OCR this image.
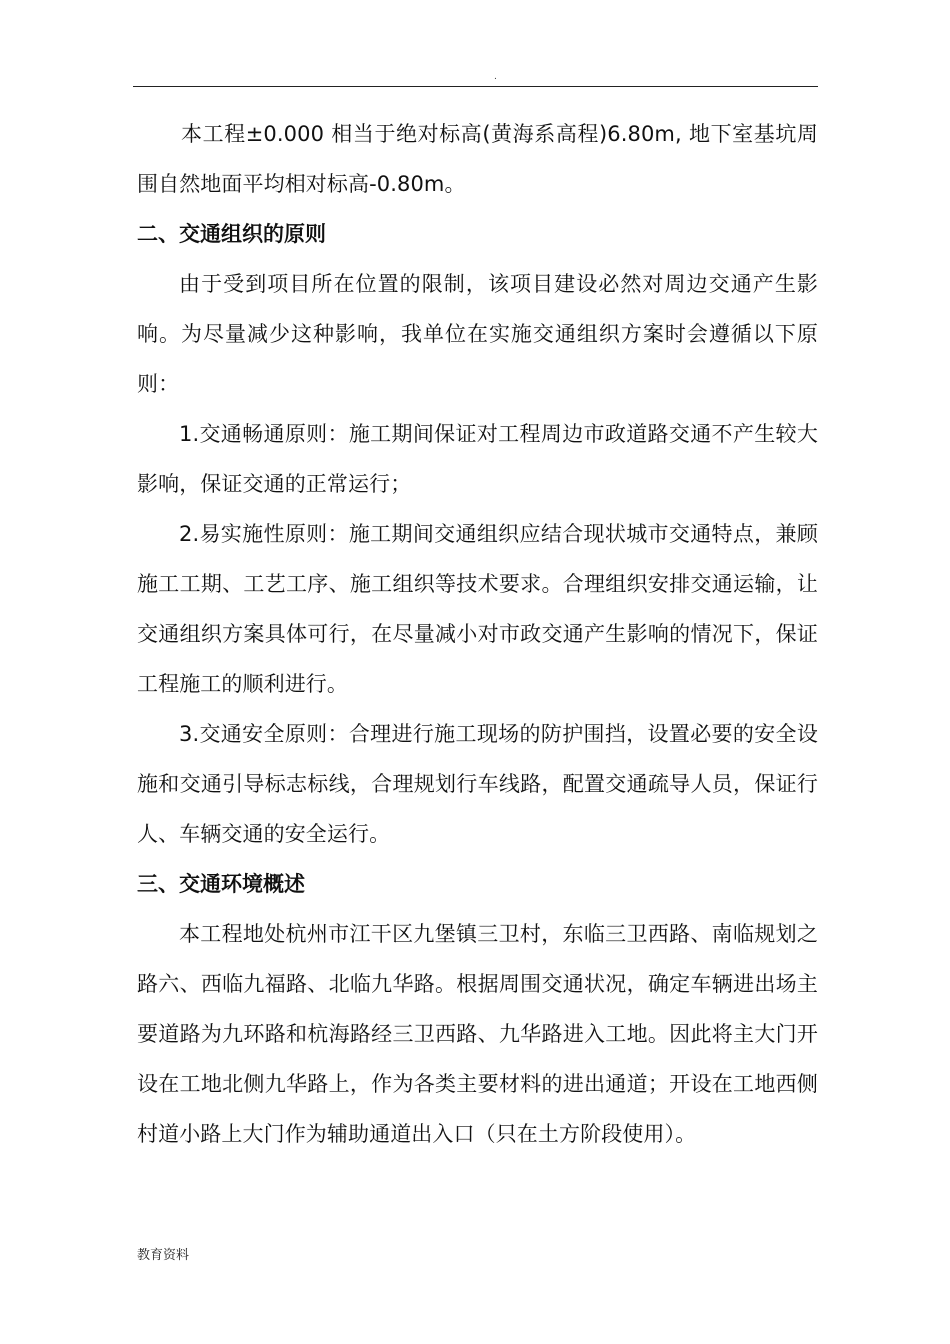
.

本工程±0.000 相当于绝对标高(黄海系高程)6.80m, 地下室基坑周围自然地面平均相对标高-0.80m。

二、交通组织的原则

由于受到项目所在位置的限制，该项目建设必然对周边交通产生影响。为尽量减少这种影响，我单位在实施交通组织方案时会遵循以下原则：

1.交通畅通原则：施工期间保证对工程周边市政道路交通不产生较大影响，保证交通的正常运行；

2.易实施性原则：施工期间交通组织应结合现状城市交通特点，兼顾施工工期、工艺工序、施工组织等技术要求。合理组织安排交通运输，让交通组织方案具体可行，在尽量减小对市政交通产生影响的情况下，保证工程施工的顺利进行。

3.交通安全原则：合理进行施工现场的防护围挡，设置必要的安全设施和交通引导标志标线，合理规划行车线路，配置交通疏导人员，保证行人、车辆交通的安全运行。

三、交通环境概述

本工程地处杭州市江干区九堡镇三卫村，东临三卫西路、南临规划之路六、西临九福路、北临九华路。根据周围交通状况，确定车辆进出场主要道路为九环路和杭海路经三卫西路、九华路进入工地。因此将主大门开设在工地北侧九华路上，作为各类主要材料的进出通道；开设在工地西侧村道小路上大门作为辅助通道出入口（只在土方阶段使用）。

教育资料
